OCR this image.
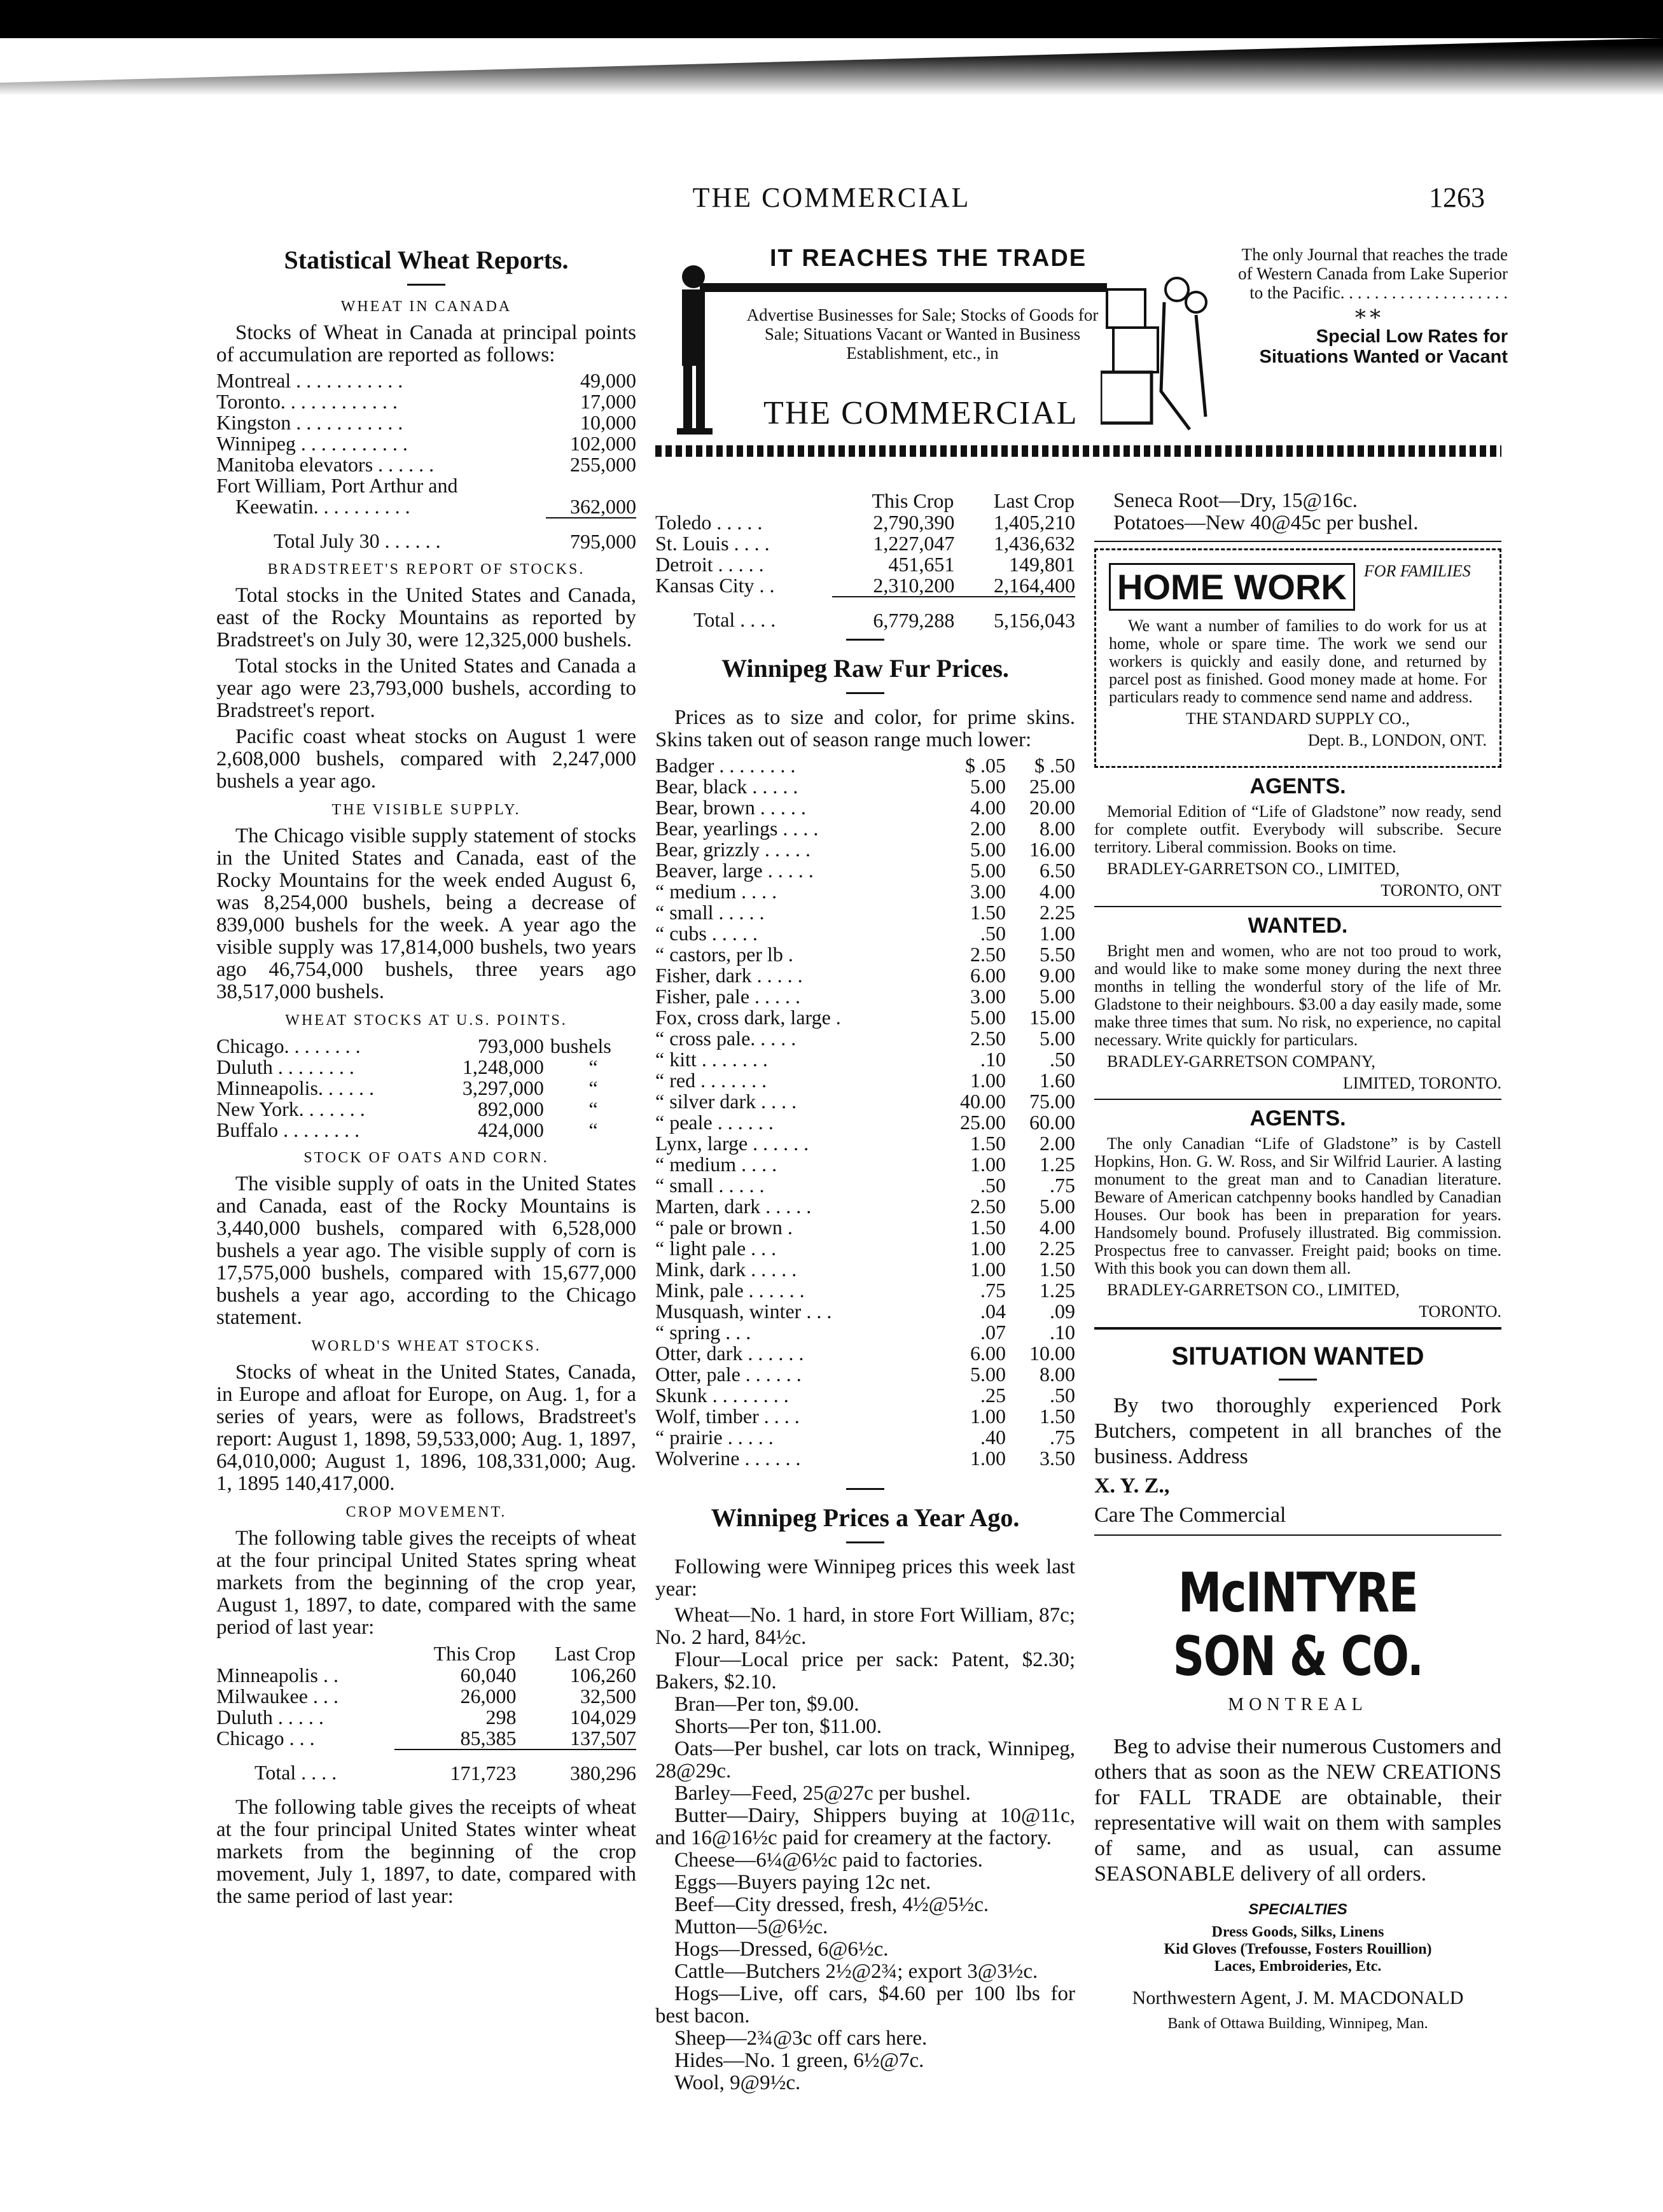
THE COMMERCIAL	1263
Statistical Wheat Reports.
WHEAT IN CANADA

Stocks of Wheat in Canada at principal points of accumulation are reported as follows:

Montreal . . . . . . . . . . .	49,000
Toronto. . . . . . . . . . . .	17,000
Kingston . . . . . . . . . . .	10,000
Winnipeg . . . . . . . . . . .	102,000
Manitoba elevators . . . . . .	255,000
Fort William, Port Arthur and	
Keewatin. . . . . . . . . .	362,000
Total July 30 . . . . . .	795,000
BRADSTREET'S REPORT OF STOCKS.

Total stocks in the United States and Canada, east of the Rocky Mountains as reported by Bradstreet's on July 30, were 12,325,000 bushels.

Total stocks in the United States and Canada a year ago were 23,793,000 bushels, according to Bradstreet's report.

Pacific coast wheat stocks on August 1 were 2,608,000 bushels, compared with 2,247,000 bushels a year ago.

THE VISIBLE SUPPLY.

The Chicago visible supply statement of stocks in the United States and Canada, east of the Rocky Mountains for the week ended August 6, was 8,254,000 bushels, being a decrease of 839,000 bushels for the week. A year ago the visible supply was 17,814,000 bushels, two years ago 46,754,000 bushels, three years ago 38,517,000 bushels.

WHEAT STOCKS AT U.S. POINTS.
Chicago. . . . . . . .	793,000	bushels
Duluth . . . . . . . .	1,248,000	“
Minneapolis. . . . . .	3,297,000	“
New York. . . . . . .	892,000	“
Buffalo . . . . . . . .	424,000	“
STOCK OF OATS AND CORN.

The visible supply of oats in the United States and Canada, east of the Rocky Mountains is 3,440,000 bushels, compared with 6,528,000 bushels a year ago. The visible supply of corn is 17,575,000 bushels, compared with 15,677,000 bushels a year ago, according to the Chicago statement.

WORLD'S WHEAT STOCKS.

Stocks of wheat in the United States, Canada, in Europe and afloat for Europe, on Aug. 1, for a series of years, were as follows, Bradstreet's report: August 1, 1898, 59,533,000; Aug. 1, 1897, 64,010,000; August 1, 1896, 108,331,000; Aug. 1, 1895 140,417,000.

CROP MOVEMENT.

The following table gives the receipts of wheat at the four principal United States spring wheat markets from the beginning of the crop year, August 1, 1897, to date, compared with the same period of last year:

	This Crop	Last Crop
Minneapolis . .	60,040	106,260
Milwaukee . . .	26,000	32,500
Duluth . . . . .	298	104,029
Chicago . . .	85,385	137,507
Total . . . .	171,723	380,296

The following table gives the receipts of wheat at the four principal United States winter wheat markets from the beginning of the crop movement, July 1, 1897, to date, compared with the same period of last year:

IT REACHES THE TRADE
Advertise Businesses for Sale; Stocks of Goods for Sale; Situations Vacant or Wanted in Business Establishment, etc., in
THE COMMERCIAL
The only Journal that reaches the trade of Western Canada from Lake Superior to the Pacific. . . . . . . . . . . . . . . . . . . .
∗∗
Special Low Rates for Situations Wanted or Vacant
	This Crop	Last Crop
Toledo . . . . .	2,790,390	1,405,210
St. Louis . . . .	1,227,047	1,436,632
Detroit . . . . .	451,651	149,801
Kansas City . .	2,310,200	2,164,400
Total . . . .	6,779,288	5,156,043
Winnipeg Raw Fur Prices.

Prices as to size and color, for prime skins. Skins taken out of season range much lower:

Badger . . . . . . . .	$ .05	$ .50
Bear, black . . . . .	5.00	25.00
Bear, brown . . . . .	4.00	20.00
Bear, yearlings . . . .	2.00	8.00
Bear, grizzly . . . . .	5.00	16.00
Beaver, large . . . . .	5.00	6.50
“ medium . . . .	3.00	4.00
“ small . . . . .	1.50	2.25
“ cubs . . . . .	.50	1.00
“ castors, per lb .	2.50	5.50
Fisher, dark . . . . .	6.00	9.00
Fisher, pale . . . . .	3.00	5.00
Fox, cross dark, large .	5.00	15.00
“ cross pale. . . . .	2.50	5.00
“ kitt . . . . . . .	.10	.50
“ red . . . . . . .	1.00	1.60
“ silver dark . . . .	40.00	75.00
“ peale . . . . . .	25.00	60.00
Lynx, large . . . . . .	1.50	2.00
“ medium . . . .	1.00	1.25
“ small . . . . .	.50	.75
Marten, dark . . . . .	2.50	5.00
“ pale or brown .	1.50	4.00
“ light pale . . .	1.00	2.25
Mink, dark . . . . .	1.00	1.50
Mink, pale . . . . . .	.75	1.25
Musquash, winter . . .	.04	.09
“ spring . . .	.07	.10
Otter, dark . . . . . .	6.00	10.00
Otter, pale . . . . . .	5.00	8.00
Skunk . . . . . . . .	.25	.50
Wolf, timber . . . .	1.00	1.50
“ prairie . . . . .	.40	.75
Wolverine . . . . . .	1.00	3.50
Winnipeg Prices a Year Ago.

Following were Winnipeg prices this week last year:

Wheat—No. 1 hard, in store Fort William, 87c; No. 2 hard, 84½c.

Flour—Local price per sack: Patent, $2.30; Bakers, $2.10.

Bran—Per ton, $9.00.

Shorts—Per ton, $11.00.

Oats—Per bushel, car lots on track, Winnipeg, 28@29c.

Barley—Feed, 25@27c per bushel.

Butter—Dairy, Shippers buying at 10@11c, and 16@16½c paid for creamery at the factory.

Cheese—6¼@6½c paid to factories.

Eggs—Buyers paying 12c net.

Beef—City dressed, fresh, 4½@5½c.

Mutton—5@6½c.

Hogs—Dressed, 6@6½c.

Cattle—Butchers 2½@2¾; export 3@3½c.

Hogs—Live, off cars, $4.60 per 100 lbs for best bacon.

Sheep—2¾@3c off cars here.

Hides—No. 1 green, 6½@7c.

Wool, 9@9½c.

Seneca Root—Dry, 15@16c.

Potatoes—New 40@45c per bushel.

HOME WORK FOR FAMILIES

We want a number of families to do work for us at home, whole or spare time. The work we send our workers is quickly and easily done, and returned by parcel post as finished. Good money made at home. For particulars ready to commence send name and address.

THE STANDARD SUPPLY CO.,

Dept. B., LONDON, ONT.

AGENTS.

Memorial Edition of “Life of Gladstone” now ready, send for complete outfit. Everybody will subscribe. Secure territory. Liberal commission. Books on time.

BRADLEY-GARRETSON CO., LIMITED,

TORONTO, ONT

WANTED.

Bright men and women, who are not too proud to work, and would like to make some money during the next three months in telling the wonderful story of the life of Mr. Gladstone to their neighbours. $3.00 a day easily made, some make three times that sum. No risk, no experience, no capital necessary. Write quickly for particulars.

BRADLEY-GARRETSON COMPANY,

LIMITED, TORONTO.

AGENTS.

The only Canadian “Life of Gladstone” is by Castell Hopkins, Hon. G. W. Ross, and Sir Wilfrid Laurier. A lasting monument to the great man and to Canadian literature. Beware of American catchpenny books handled by Canadian Houses. Our book has been in preparation for years. Handsomely bound. Profusely illustrated. Big commission. Prospectus free to canvasser. Freight paid; books on time. With this book you can down them all.

BRADLEY-GARRETSON CO., LIMITED,

TORONTO.

SITUATION WANTED

By two thoroughly experienced Pork Butchers, competent in all branches of the business. Address

X. Y. Z.,

Care The Commercial

McINTYRE SON & CO.
MONTREAL

Beg to advise their numerous Customers and others that as soon as the NEW CREATIONS for FALL TRADE are obtainable, their representative will wait on them with samples of same, and as usual, can assume SEASONABLE delivery of all orders.

SPECIALTIES
Dress Goods, Silks, Linens
Kid Gloves (Trefousse, Fosters Rouillion)
Laces, Embroideries, Etc.

Northwestern Agent, J. M. MACDONALD

Bank of Ottawa Building, Winnipeg, Man.
